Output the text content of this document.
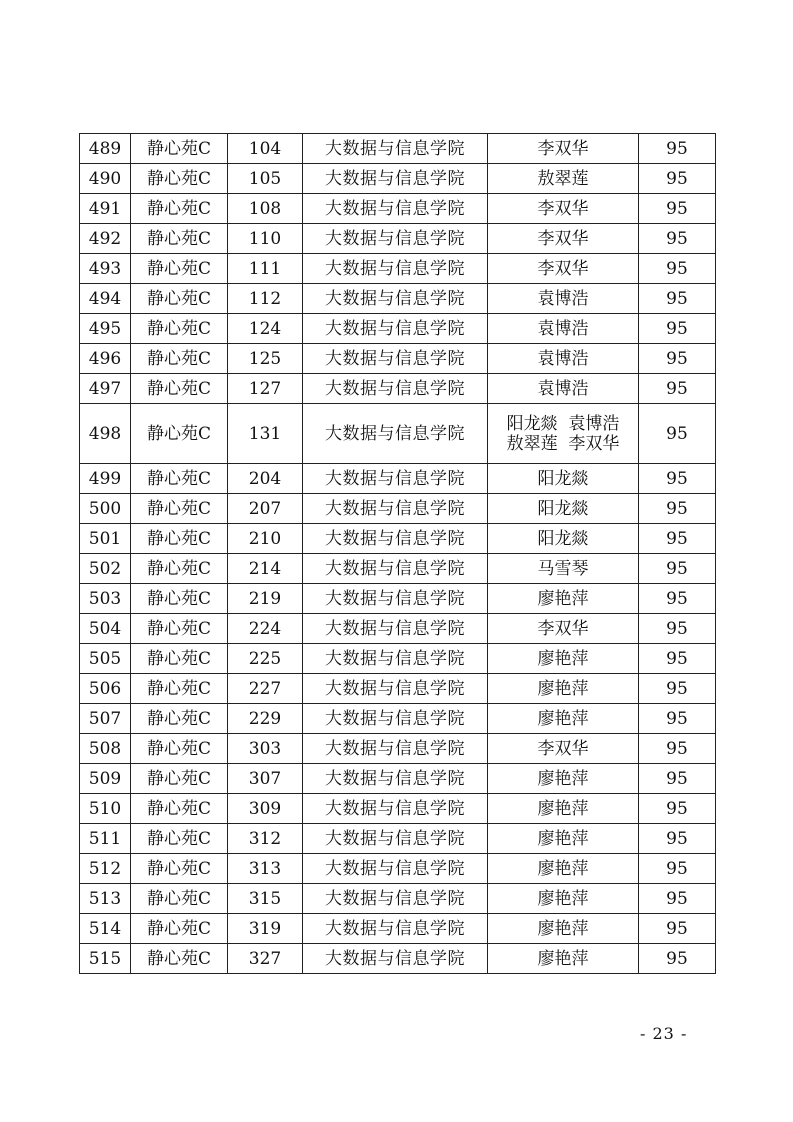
489	静心苑C	104	大数据与信息学院	李双华	95
490	静心苑C	105	大数据与信息学院	敖翠莲	95
491	静心苑C	108	大数据与信息学院	李双华	95
492	静心苑C	110	大数据与信息学院	李双华	95
493	静心苑C	111	大数据与信息学院	李双华	95
494	静心苑C	112	大数据与信息学院	袁博浩	95
495	静心苑C	124	大数据与信息学院	袁博浩	95
496	静心苑C	125	大数据与信息学院	袁博浩	95
497	静心苑C	127	大数据与信息学院	袁博浩	95
498	静心苑C	131	大数据与信息学院	阳龙燚  袁博浩
敖翠莲  李双华	95
499	静心苑C	204	大数据与信息学院	阳龙燚	95
500	静心苑C	207	大数据与信息学院	阳龙燚	95
501	静心苑C	210	大数据与信息学院	阳龙燚	95
502	静心苑C	214	大数据与信息学院	马雪琴	95
503	静心苑C	219	大数据与信息学院	廖艳萍	95
504	静心苑C	224	大数据与信息学院	李双华	95
505	静心苑C	225	大数据与信息学院	廖艳萍	95
506	静心苑C	227	大数据与信息学院	廖艳萍	95
507	静心苑C	229	大数据与信息学院	廖艳萍	95
508	静心苑C	303	大数据与信息学院	李双华	95
509	静心苑C	307	大数据与信息学院	廖艳萍	95
510	静心苑C	309	大数据与信息学院	廖艳萍	95
511	静心苑C	312	大数据与信息学院	廖艳萍	95
512	静心苑C	313	大数据与信息学院	廖艳萍	95
513	静心苑C	315	大数据与信息学院	廖艳萍	95
514	静心苑C	319	大数据与信息学院	廖艳萍	95
515	静心苑C	327	大数据与信息学院	廖艳萍	95
- 23 -
